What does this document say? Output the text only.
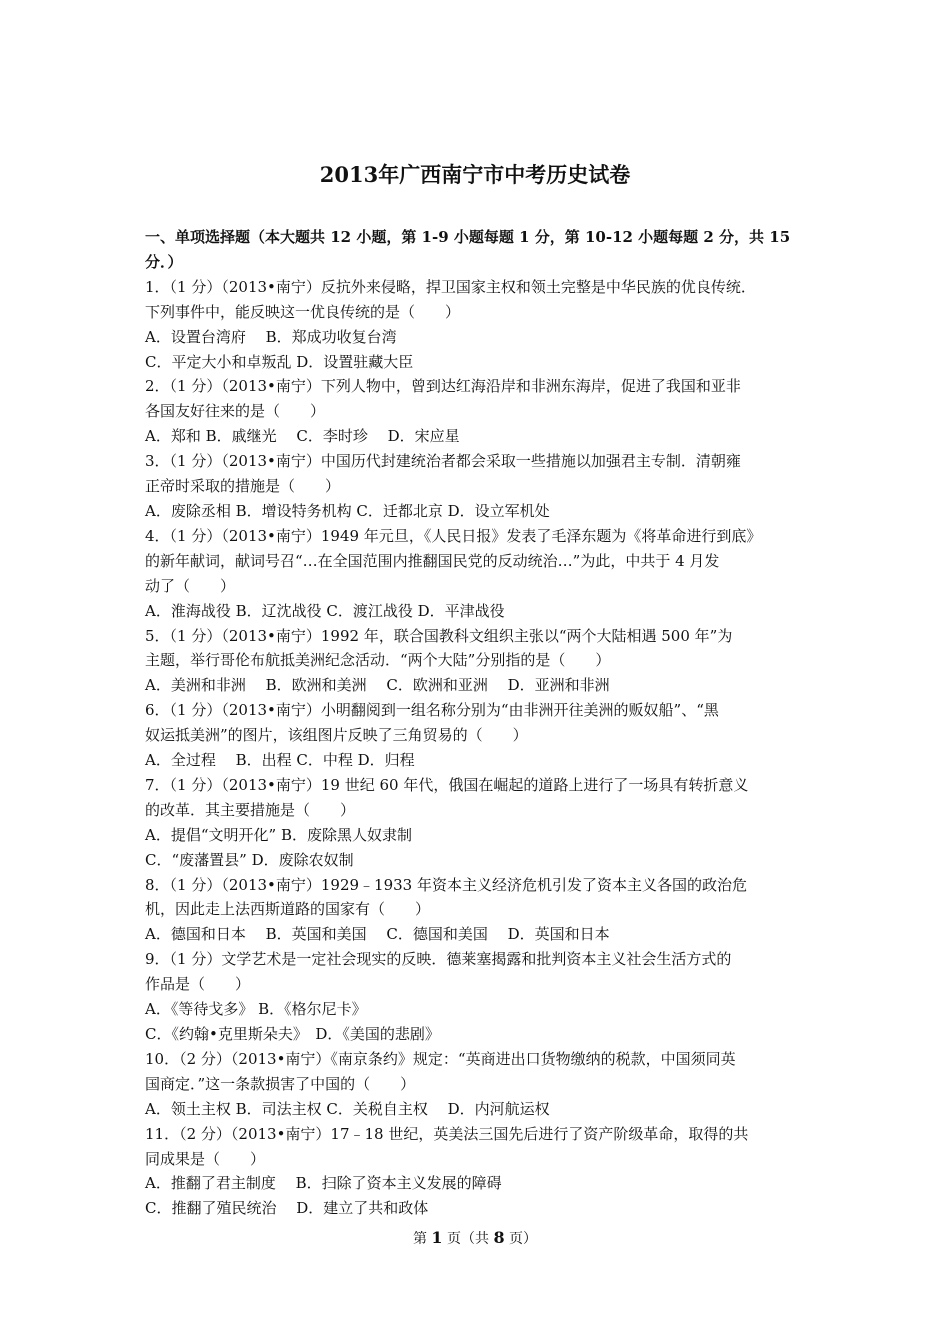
2013年广西南宁市中考历史试卷

一、单项选择题（本大题共 12 小题，第 1-9 小题每题 1 分，第 10-12 小题每题 2 分，共 15
分．）

1．（1 分）（2013•南宁）反抗外来侵略，捍卫国家主权和领土完整是中华民族的优良传统．
下列事件中，能反映这一优良传统的是（　　）
A．设置台湾府　 B．郑成功收复台湾
C．平定大小和卓叛乱 D．设置驻藏大臣
2．（1 分）（2013•南宁）下列人物中，曾到达红海沿岸和非洲东海岸，促进了我国和亚非
各国友好往来的是（　　）
A．郑和 B．戚继光　 C．李时珍　 D．宋应星
3．（1 分）（2013•南宁）中国历代封建统治者都会采取一些措施以加强君主专制．清朝雍
正帝时采取的措施是（　　）
A．废除丞相 B．增设特务机构 C．迁都北京 D．设立军机处
4．（1 分）（2013•南宁）1949 年元旦，《人民日报》发表了毛泽东题为《将革命进行到底》
的新年献词，献词号召“…在全国范围内推翻国民党的反动统治…”为此，中共于 4 月发
动了（　　）
A．淮海战役 B．辽沈战役 C．渡江战役 D．平津战役
5．（1 分）（2013•南宁）1992 年，联合国教科文组织主张以“两个大陆相遇 500 年”为
主题，举行哥伦布航抵美洲纪念活动．“两个大陆”分别指的是（　　）
A．美洲和非洲　 B．欧洲和美洲　 C．欧洲和亚洲　 D．亚洲和非洲
6．（1 分）（2013•南宁）小明翻阅到一组名称分别为“由非洲开往美洲的贩奴船”、“黑
奴运抵美洲”的图片，该组图片反映了三角贸易的（　　）
A．全过程　 B．出程 C．中程 D．归程
7．（1 分）（2013•南宁）19 世纪 60 年代，俄国在崛起的道路上进行了一场具有转折意义
的改革．其主要措施是（　　）
A．提倡“文明开化” B．废除黑人奴隶制
C．“废藩置县” D．废除农奴制
8．（1 分）（2013•南宁）1929﹣1933 年资本主义经济危机引发了资本主义各国的政治危
机，因此走上法西斯道路的国家有（　　）
A．德国和日本　 B．英国和美国　 C．德国和美国　 D．英国和日本
9．（1 分）文学艺术是一定社会现实的反映．德莱塞揭露和批判资本主义社会生活方式的
作品是（　　）
A．《等待戈多》 B．《格尔尼卡》
C．《约翰•克里斯朵夫》　D．《美国的悲剧》
10．（2 分）（2013•南宁）《南京条约》规定：“英商进出口货物缴纳的税款，中国须同英
国商定．”这一条款损害了中国的（　　）
A．领土主权 B．司法主权 C．关税自主权　 D．内河航运权
11．（2 分）（2013•南宁）17﹣18 世纪，英美法三国先后进行了资产阶级革命，取得的共
同成果是（　　）
A．推翻了君主制度　 B．扫除了资本主义发展的障碍
C．推翻了殖民统治　 D．建立了共和政体
第 1 页（共 8 页）
